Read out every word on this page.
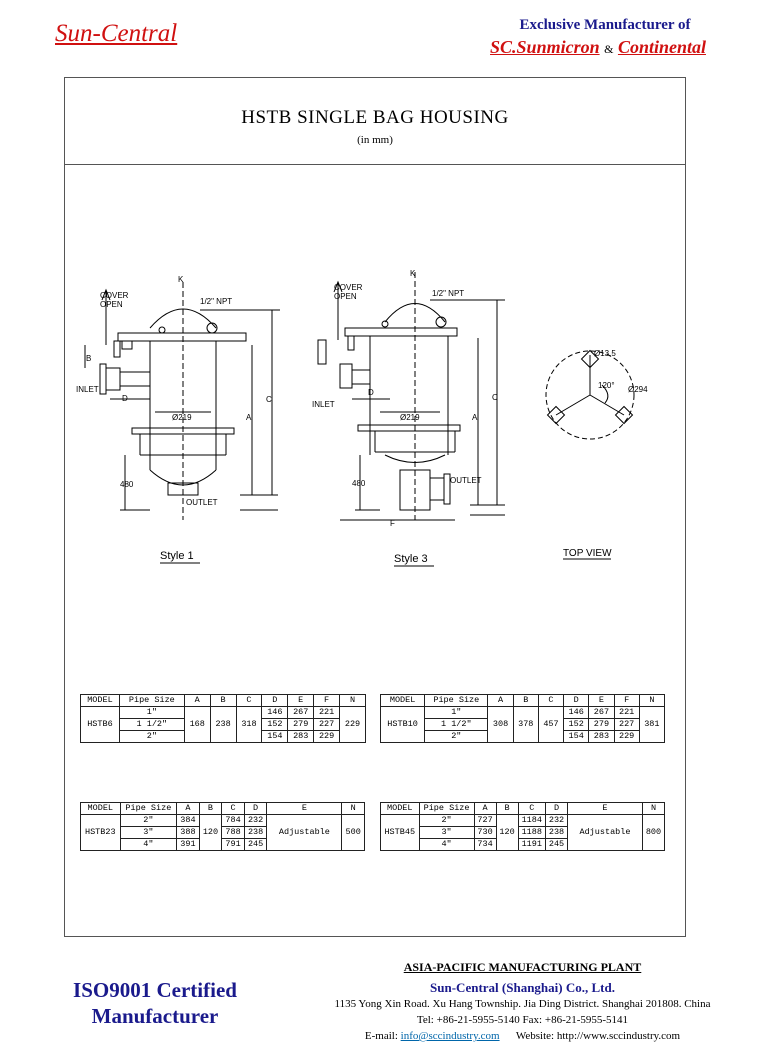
Sun-Central	Exclusive Manufacturer of
SC.Sunmicron & Continental
HSTB SINGLE BAG HOUSING
(in mm)
K
COVER
OPEN	1/2" NPT
INLET
D
Ø219
OUTLET
B
A
C
480
K
COVER
OPEN	1/2" NPT
INLET
D
Ø219
OUTLET
A
C
480
F
Ø13.5
120° Ø294
Style 1	Style 3	TOP VIEW
MODEL	Pipe Size	A	B	C	D	E	F	N
HSTB6	1"	168	238	318	146	267	221	229
	1 1/2"				152	279	227	
	2"				154	283	229	
MODEL	Pipe Size	A	B	C	D	E	F	N
HSTB10	1"	308	378	457	146	267	221	381
	1 1/2"				152	279	227	
	2"				154	283	229	
MODEL	Pipe Size	A	B	C	D	E	N
HSTB23	2"	384	120	784	232	Adjustable	500
	3"	388		788	238		
	4"	391		791	245		
MODEL	Pipe Size	A	B	C	D	E	N
HSTB45	2"	727	120	1184	232	Adjustable	800
	3"	730		1188	238		
	4"	734		1191	245		
ISO9001 Certified
Manufacturer
ASIA-PACIFIC MANUFACTURING PLANT
Sun-Central (Shanghai) Co., Ltd.
1135 Yong Xin Road. Xu Hang Township. Jia Ding District. Shanghai 201808. China
Tel: +86-21-5955-5140 Fax: +86-21-5955-5141
E-mail: info@sccindustry.com Website: http://www.sccindustry.com
